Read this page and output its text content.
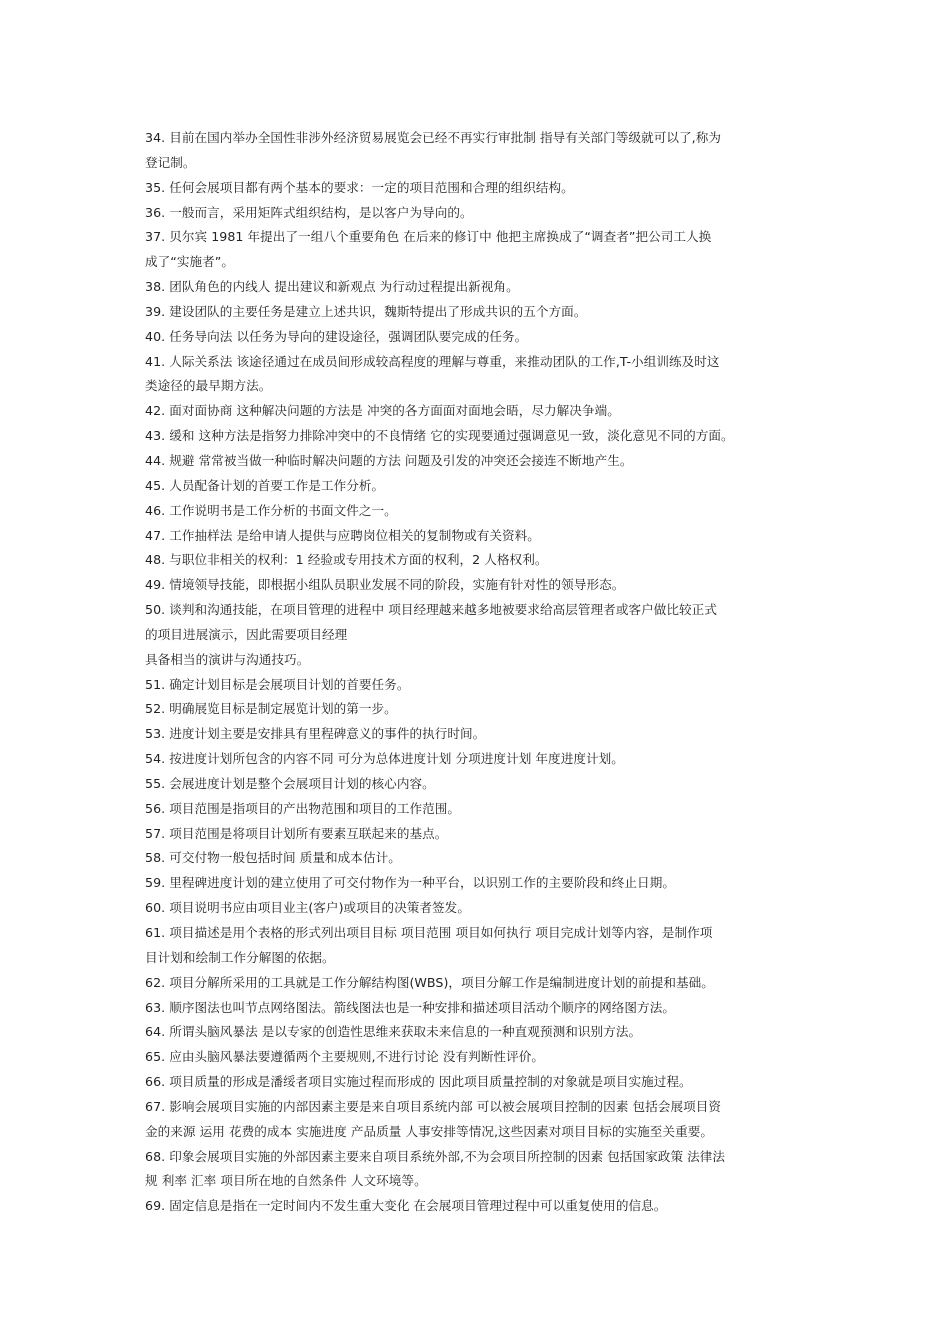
34. 目前在国内举办全国性非涉外经济贸易展览会已经不再实行审批制 指导有关部门等级就可以了,称为
登记制。
35. 任何会展项目都有两个基本的要求：一定的项目范围和合理的组织结构。
36. 一般而言，采用矩阵式组织结构，是以客户为导向的。
37. 贝尔宾 1981 年提出了一组八个重要角色 在后来的修订中 他把主席换成了“调查者”把公司工人换
成了“实施者”。
38. 团队角色的内线人 提出建议和新观点 为行动过程提出新视角。
39. 建设团队的主要任务是建立上述共识，魏斯特提出了形成共识的五个方面。
40. 任务导向法 以任务为导向的建设途径，强调团队要完成的任务。
41. 人际关系法 该途径通过在成员间形成较高程度的理解与尊重，来推动团队的工作,T-小组训练及时这
类途径的最早期方法。
42. 面对面协商 这种解决问题的方法是 冲突的各方面面对面地会晤，尽力解决争端。
43. 缓和 这种方法是指努力排除冲突中的不良情绪 它的实现要通过强调意见一致，淡化意见不同的方面。
44. 规避 常常被当做一种临时解决问题的方法 问题及引发的冲突还会接连不断地产生。
45. 人员配备计划的首要工作是工作分析。
46. 工作说明书是工作分析的书面文件之一。
47. 工作抽样法 是给申请人提供与应聘岗位相关的复制物或有关资料。
48. 与职位非相关的权利：1 经验或专用技术方面的权利，2 人格权利。
49. 情境领导技能，即根据小组队员职业发展不同的阶段，实施有针对性的领导形态。
50. 谈判和沟通技能，在项目管理的进程中 项目经理越来越多地被要求给高层管理者或客户做比较正式
的项目进展演示，因此需要项目经理
具备相当的演讲与沟通技巧。
51. 确定计划目标是会展项目计划的首要任务。
52. 明确展览目标是制定展览计划的第一步。
53. 进度计划主要是安排具有里程碑意义的事件的执行时间。
54. 按进度计划所包含的内容不同 可分为总体进度计划 分项进度计划 年度进度计划。
55. 会展进度计划是整个会展项目计划的核心内容。
56. 项目范围是指项目的产出物范围和项目的工作范围。
57. 项目范围是将项目计划所有要素互联起来的基点。
58. 可交付物一般包括时间 质量和成本估计。
59. 里程碑进度计划的建立使用了可交付物作为一种平台，以识别工作的主要阶段和终止日期。
60. 项目说明书应由项目业主(客户)或项目的决策者签发。
61. 项目描述是用个表格的形式列出项目目标 项目范围 项目如何执行 项目完成计划等内容，是制作项
目计划和绘制工作分解图的依据。
62. 项目分解所采用的工具就是工作分解结构图(WBS)，项目分解工作是编制进度计划的前提和基础。
63. 顺序图法也叫节点网络图法。箭线图法也是一种安排和描述项目活动个顺序的网络图方法。
64. 所谓头脑风暴法 是以专家的创造性思维来获取未来信息的一种直观预测和识别方法。
65. 应由头脑风暴法要遵循两个主要规则,不进行讨论 没有判断性评价。
66. 项目质量的形成是潘绥者项目实施过程而形成的 因此项目质量控制的对象就是项目实施过程。
67. 影响会展项目实施的内部因素主要是来自项目系统内部 可以被会展项目控制的因素 包括会展项目资
金的来源 运用 花费的成本 实施进度 产品质量 人事安排等情况,这些因素对项目目标的实施至关重要。
68. 印象会展项目实施的外部因素主要来自项目系统外部,不为会项目所控制的因素 包括国家政策 法律法
规 利率 汇率 项目所在地的自然条件 人文环境等。
69. 固定信息是指在一定时间内不发生重大变化 在会展项目管理过程中可以重复使用的信息。
